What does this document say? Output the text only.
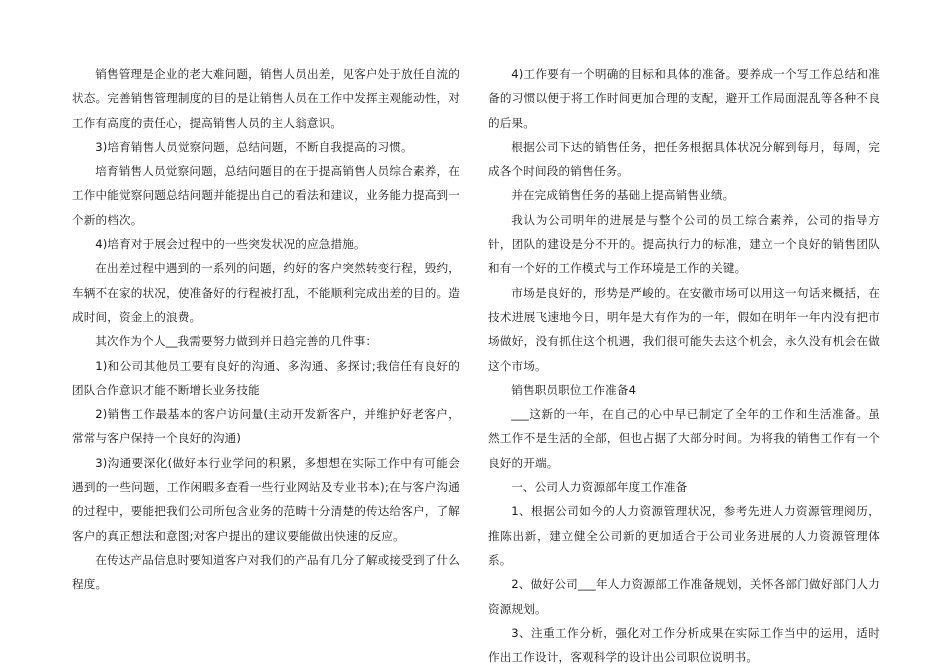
销售管理是企业的老大难问题，销售人员出差，见客户处于放任自流的状态。完善销售管理制度的目的是让销售人员在工作中发挥主观能动性，对工作有高度的责任心，提高销售人员的主人翁意识。

3)培育销售人员觉察问题，总结问题，不断自我提高的习惯。

培育销售人员觉察问题，总结问题目的在于提高销售人员综合素养，在工作中能觉察问题总结问题并能提出自己的看法和建议，业务能力提高到一个新的档次。

4)培育对于展会过程中的一些突发状况的应急措施。

在出差过程中遇到的一系列的问题，约好的客户突然转变行程，毁约，车辆不在家的状况，使准备好的行程被打乱，不能顺利完成出差的目的。造成时间，资金上的浪费。

其次作为个人__我需要努力做到并日趋完善的几件事：

1)和公司其他员工要有良好的沟通、多沟通、多探讨;我信任有良好的团队合作意识才能不断增长业务技能

2)销售工作最基本的客户访问量(主动开发新客户，并维护好老客户，常常与客户保持一个良好的沟通)

3)沟通要深化(做好本行业学问的积累，多想想在实际工作中有可能会遇到的一些问题，工作闲暇多查看一些行业网站及专业书本);在与客户沟通的过程中，要能把我们公司所包含业务的范畴十分清楚的传达给客户，了解客户的真正想法和意图;对客户提出的建议要能做出快速的反应。

在传达产品信息时要知道客户对我们的产品有几分了解或接受到了什么程度。

4)工作要有一个明确的目标和具体的准备。要养成一个写工作总结和准备的习惯以便于将工作时间更加合理的支配，避开工作局面混乱等各种不良的后果。

根据公司下达的销售任务，把任务根据具体状况分解到每月，每周，完成各个时间段的销售任务。

并在完成销售任务的基础上提高销售业绩。

我认为公司明年的进展是与整个公司的员工综合素养，公司的指导方针，团队的建设是分不开的。提高执行力的标准，建立一个良好的销售团队和有一个好的工作模式与工作环境是工作的关键。

市场是良好的，形势是严峻的。在安徽市场可以用这一句话来概括，在技术进展飞速地今日，明年是大有作为的一年，假如在明年一年内没有把市场做好，没有抓住这个机遇，我们很可能失去这个机会，永久没有机会在做这个市场。

销售职员职位工作准备4

___这新的一年，在自己的心中早已制定了全年的工作和生活准备。虽然工作不是生活的全部，但也占据了大部分时间。为将我的销售工作有一个良好的开端。

一、公司人力资源部年度工作准备

1、根据公司如今的人力资源管理状况，参考先进人力资源管理阅历，推陈出新，建立健全公司新的更加适合于公司业务进展的人力资源管理体系。

2、做好公司___年人力资源部工作准备规划，关怀各部门做好部门人力资源规划。

3、注重工作分析，强化对工作分析成果在实际工作当中的运用，适时作出工作设计，客观科学的设计出公司职位说明书。
